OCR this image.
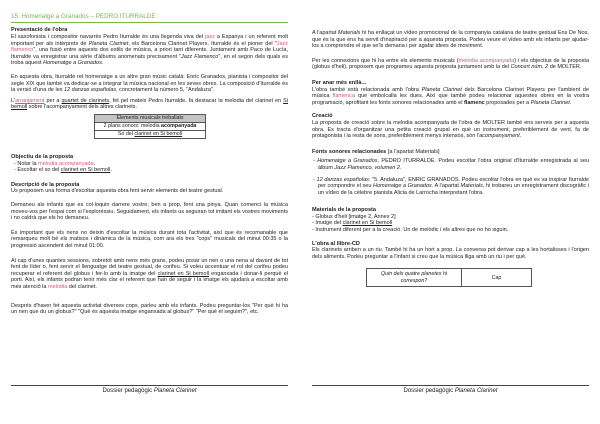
15. Homenatge a Granados – PEDRO ITURRALDE
Presentació de l'obra

El saxofonista i compositor navarrès Pedro Iturralde és una llegenda viva del jazz a Espanya i un referent molt important per als intèrprets de Planeta Clarinet, els Barcelona Clarinet Players. Iturralde és el pioner del "Jazz flamenco", una fusió entre aquests dos estils de música, a priori tant diferents. Juntament amb Paco de Lucía, Iturralde va enregistrar una sèrie d'àlbums anomenats precisament "Jazz Flamenco", en el segon dels quals es troba aquest Homenatge a Granados.

En aquesta obra, Iturralde ret homenatge a un altre gran músic català: Enric Granados, pianista i compositor del segle XIX que també va dedicar-se a integrar la música nacional en les seves obres. La composició d'Iturralde és la versió d'una de les 12 danzas españolas, concretament la número 5, "Andaluza".

L'arranjament per a quartet de clarinets, fet pel mateix Pedro Iturralde, fa destacar la melodia del clarinet en Si bemoll sobre l'acompanyament dels altres clarinets.

Elements musicals treballats
2 plans sonors: melodia acompanyada
So del clarinet en Si bemoll
Objectiu de la proposta

- Notar la melodia acompanyada.

- Escoltar el so del clarinet en Si bemoll.

Descripció de la proposta

Us proposem una forma d'escoltar aquesta obra fent servir elements del teatre gestual.

Demaneu als infants que es col·loquin darrere vostre, ben a prop, fent una pinya. Quan comenci la música moveu-vos per l'espai com si l'exploréssiu. Seguidament, els infants us seguiran tot imitant els vostres moviments i no caldrà que els ho demaneu.

És important que els nens no deixin d'escoltar la música durant tota l'activitat, així que és recomanable que remarqueu molt bé els matisos i dinàmica de la música, com ara els tres "cops" musicals del minut 00:35 o la progressió ascendent del minut 01:00.

Al cap d'unes quantes sessions, sobretot amb nens més grans, podeu posar un nen o una nena al davant de tot fent de líder o, fent servir el llenguatge del teatre gestual, de corifeu. Si voleu accentuar el rol del corifeu podeu recuperar el referent del globus i fer-lo amb la imatge del clarinet en Si bemoll enganxada i donar-li perquè el porti. Així, els infants podran tenir més clar el referent que han de seguir i la imatge els ajudarà a escoltar amb més atenció la melodia del clarinet.

Després d'haver fet aquesta activitat diverses cops, parleu amb els infants. Podeu preguntar-los "Per què hi ha un nen que du un globus?" "Què és aquesta imatge enganxada al globus?" "Per què el seguim?", etc.

Dossier pedagògic Planeta Clarinet

A l'apartat Materials hi ha enllaçat un vídeo promocional de la companyia catalana de teatre gestual Ens De Nos, que és la que ens ha servit d'inspiració per a aquesta proposta. Podeu veure el vídeo amb els infants per ajudar-los a comprendre el que se'ls demana i per agafar idees de moviment.

Per les connexions que hi ha entre els elements musicals (melodia acompanyada) i els objectius de la proposta (globus d'heli), proposem que programeu aquesta proposta juntament amb la del Concert núm. 2 de MOLTER.

Per anar més enllà...

L'obra també està relacionada amb l'obra Planeta Clarinet dels Barcelona Clarinet Players per l'ambient de música flamenca que embolcalla les dues. Així que també podeu relacionar aquestes obres en la vostra programació, aprofitant les fonts sonores relacionades amb el flamenc proposades per a Planeta Clarinet.

Creació

La proposta de creació sobre la melodia acompanyada de l'obra de MOLTER també ens serveix per a aquesta obra. Es tracta d'organitzar una petita creació grupal en què un instrument, preferiblement de vent, fa de protagonista i la resta de sons, preferiblement menys intensos, són l'acompanyament.

Fonts sonores relacionades [a l'apartat Materials]

- Homenatge a Granados, PEDRO ITURRALDE. Podeu escoltar l'obra original d'Iturralde enregistrada al seu àlbum Jazz Flamenco, volumen 2.

- 12 danzas españolas: "5. Andaluza", ENRIC GRANADOS. Podeu escoltar l'obra en què es va inspirar Iturralde per compondre el seu Homenatge a Granados. A l'apartat Materials, hi trobareu un enregistrament discogràfic i un vídeo de la cèlebre pianista Alicia de Larrocha interpretant l'obra.

Materials de la proposta

- Globus d'heli [imatge 2, Annex 2]

- Imatge del clarinet en Si bemoll

- Instrument diferent per a la creació. Un de melòdic i els altres que no ho siguin.

L'obra al llibre-CD

Els clarinets arriben a un riu. També hi ha un hort a prop. La conversa pot derivar cap a les hortalisses i l'origen dels aliments. Podeu preguntar a l'infant si creu que la música lliga amb un riu i per què.

Quin dels quatre planetes hi correspon?	Cap
Dossier pedagògic Planeta Clarinet
